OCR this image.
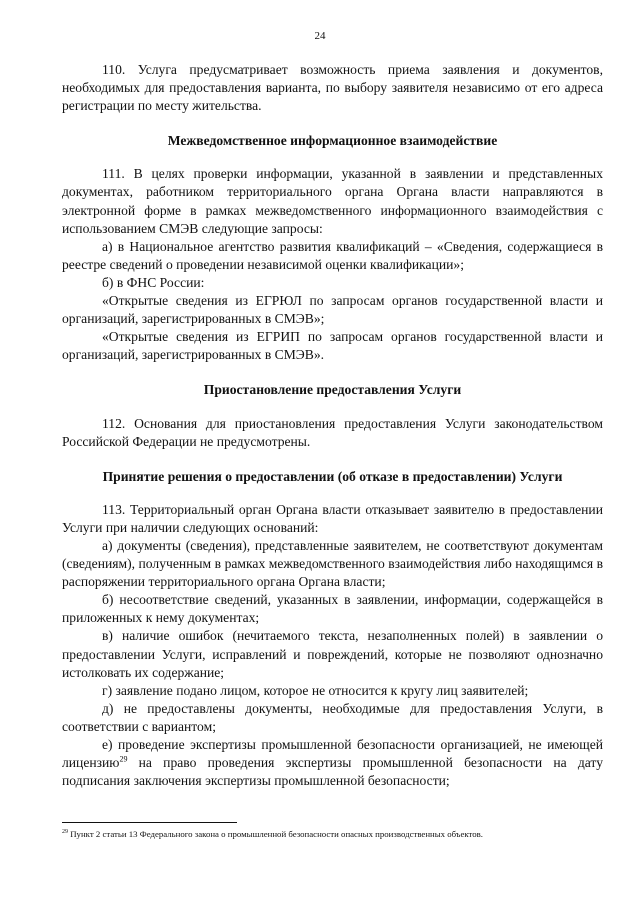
24

110. Услуга предусматривает возможность приема заявления и документов, необходимых для предоставления варианта, по выбору заявителя независимо от его адреса регистрации по месту жительства.

Межведомственное информационное взаимодействие

111. В целях проверки информации, указанной в заявлении и представленных документах, работником территориального органа Органа власти направляются в электронной форме в рамках межведомственного информационного взаимодействия с использованием СМЭВ следующие запросы:

а) в Национальное агентство развития квалификаций – «Сведения, содержащиеся в реестре сведений о проведении независимой оценки квалификации»;

б) в ФНС России:

«Открытые сведения из ЕГРЮЛ по запросам органов государственной власти и организаций, зарегистрированных в СМЭВ»;

«Открытые сведения из ЕГРИП по запросам органов государственной власти и организаций, зарегистрированных в СМЭВ».

Приостановление предоставления Услуги

112. Основания для приостановления предоставления Услуги законодательством Российской Федерации не предусмотрены.

Принятие решения о предоставлении (об отказе в предоставлении) Услуги

113. Территориальный орган Органа власти отказывает заявителю в предоставлении Услуги при наличии следующих оснований:

а) документы (сведения), представленные заявителем, не соответствуют документам (сведениям), полученным в рамках межведомственного взаимодействия либо находящимся в распоряжении территориального органа Органа власти;

б) несоответствие сведений, указанных в заявлении, информации, содержащейся в приложенных к нему документах;

в) наличие ошибок (нечитаемого текста, незаполненных полей) в заявлении о предоставлении Услуги, исправлений и повреждений, которые не позволяют однозначно истолковать их содержание;

г) заявление подано лицом, которое не относится к кругу лиц заявителей;

д) не предоставлены документы, необходимые для предоставления Услуги, в соответствии с вариантом;

е) проведение экспертизы промышленной безопасности организацией, не имеющей лицензию$^{29}$ на право проведения экспертизы промышленной безопасности на дату подписания заключения экспертизы промышленной безопасности;

$^{29}$ Пункт 2 статьи 13 Федерального закона о промышленной безопасности опасных производственных объектов.
